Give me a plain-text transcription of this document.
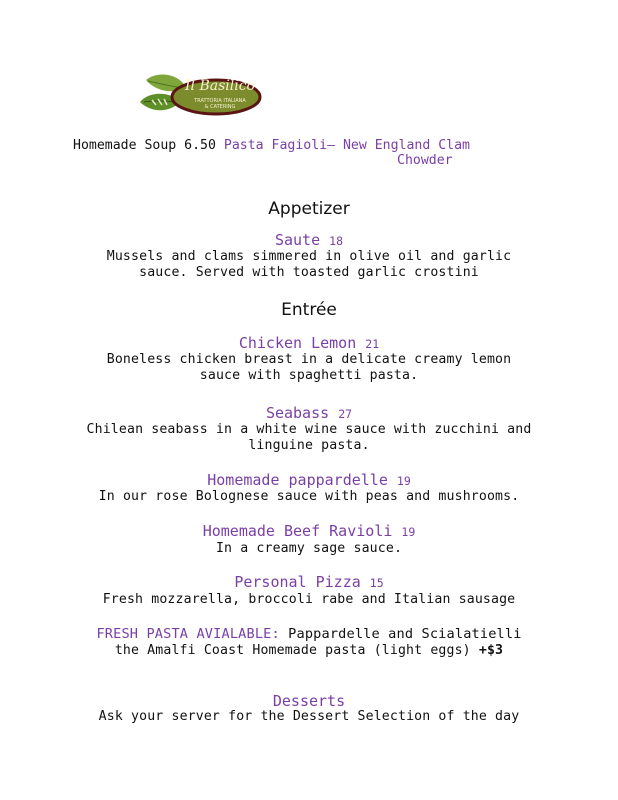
Il Basilico
TRATTORIA ITALIANA
& CATERING
Homemade Soup 6.50 Pasta Fagioli– New England Clam
Chowder
Appetizer
Saute 18
Mussels and clams simmered in olive oil and garlic
sauce. Served with toasted garlic crostini
Entrée
Chicken Lemon 21
Boneless chicken breast in a delicate creamy lemon
sauce with spaghetti pasta.
Seabass 27
Chilean seabass in a white wine sauce with zucchini and
linguine pasta.
Homemade pappardelle 19
In our rose Bolognese sauce with peas and mushrooms.
Homemade Beef Ravioli 19
In a creamy sage sauce.
Personal Pizza 15
Fresh mozzarella, broccoli rabe and Italian sausage
FRESH PASTA AVIALABLE: Pappardelle and Scialatielli
the Amalfi Coast Homemade pasta (light eggs) +$3
Desserts
Ask your server for the Dessert Selection of the day
